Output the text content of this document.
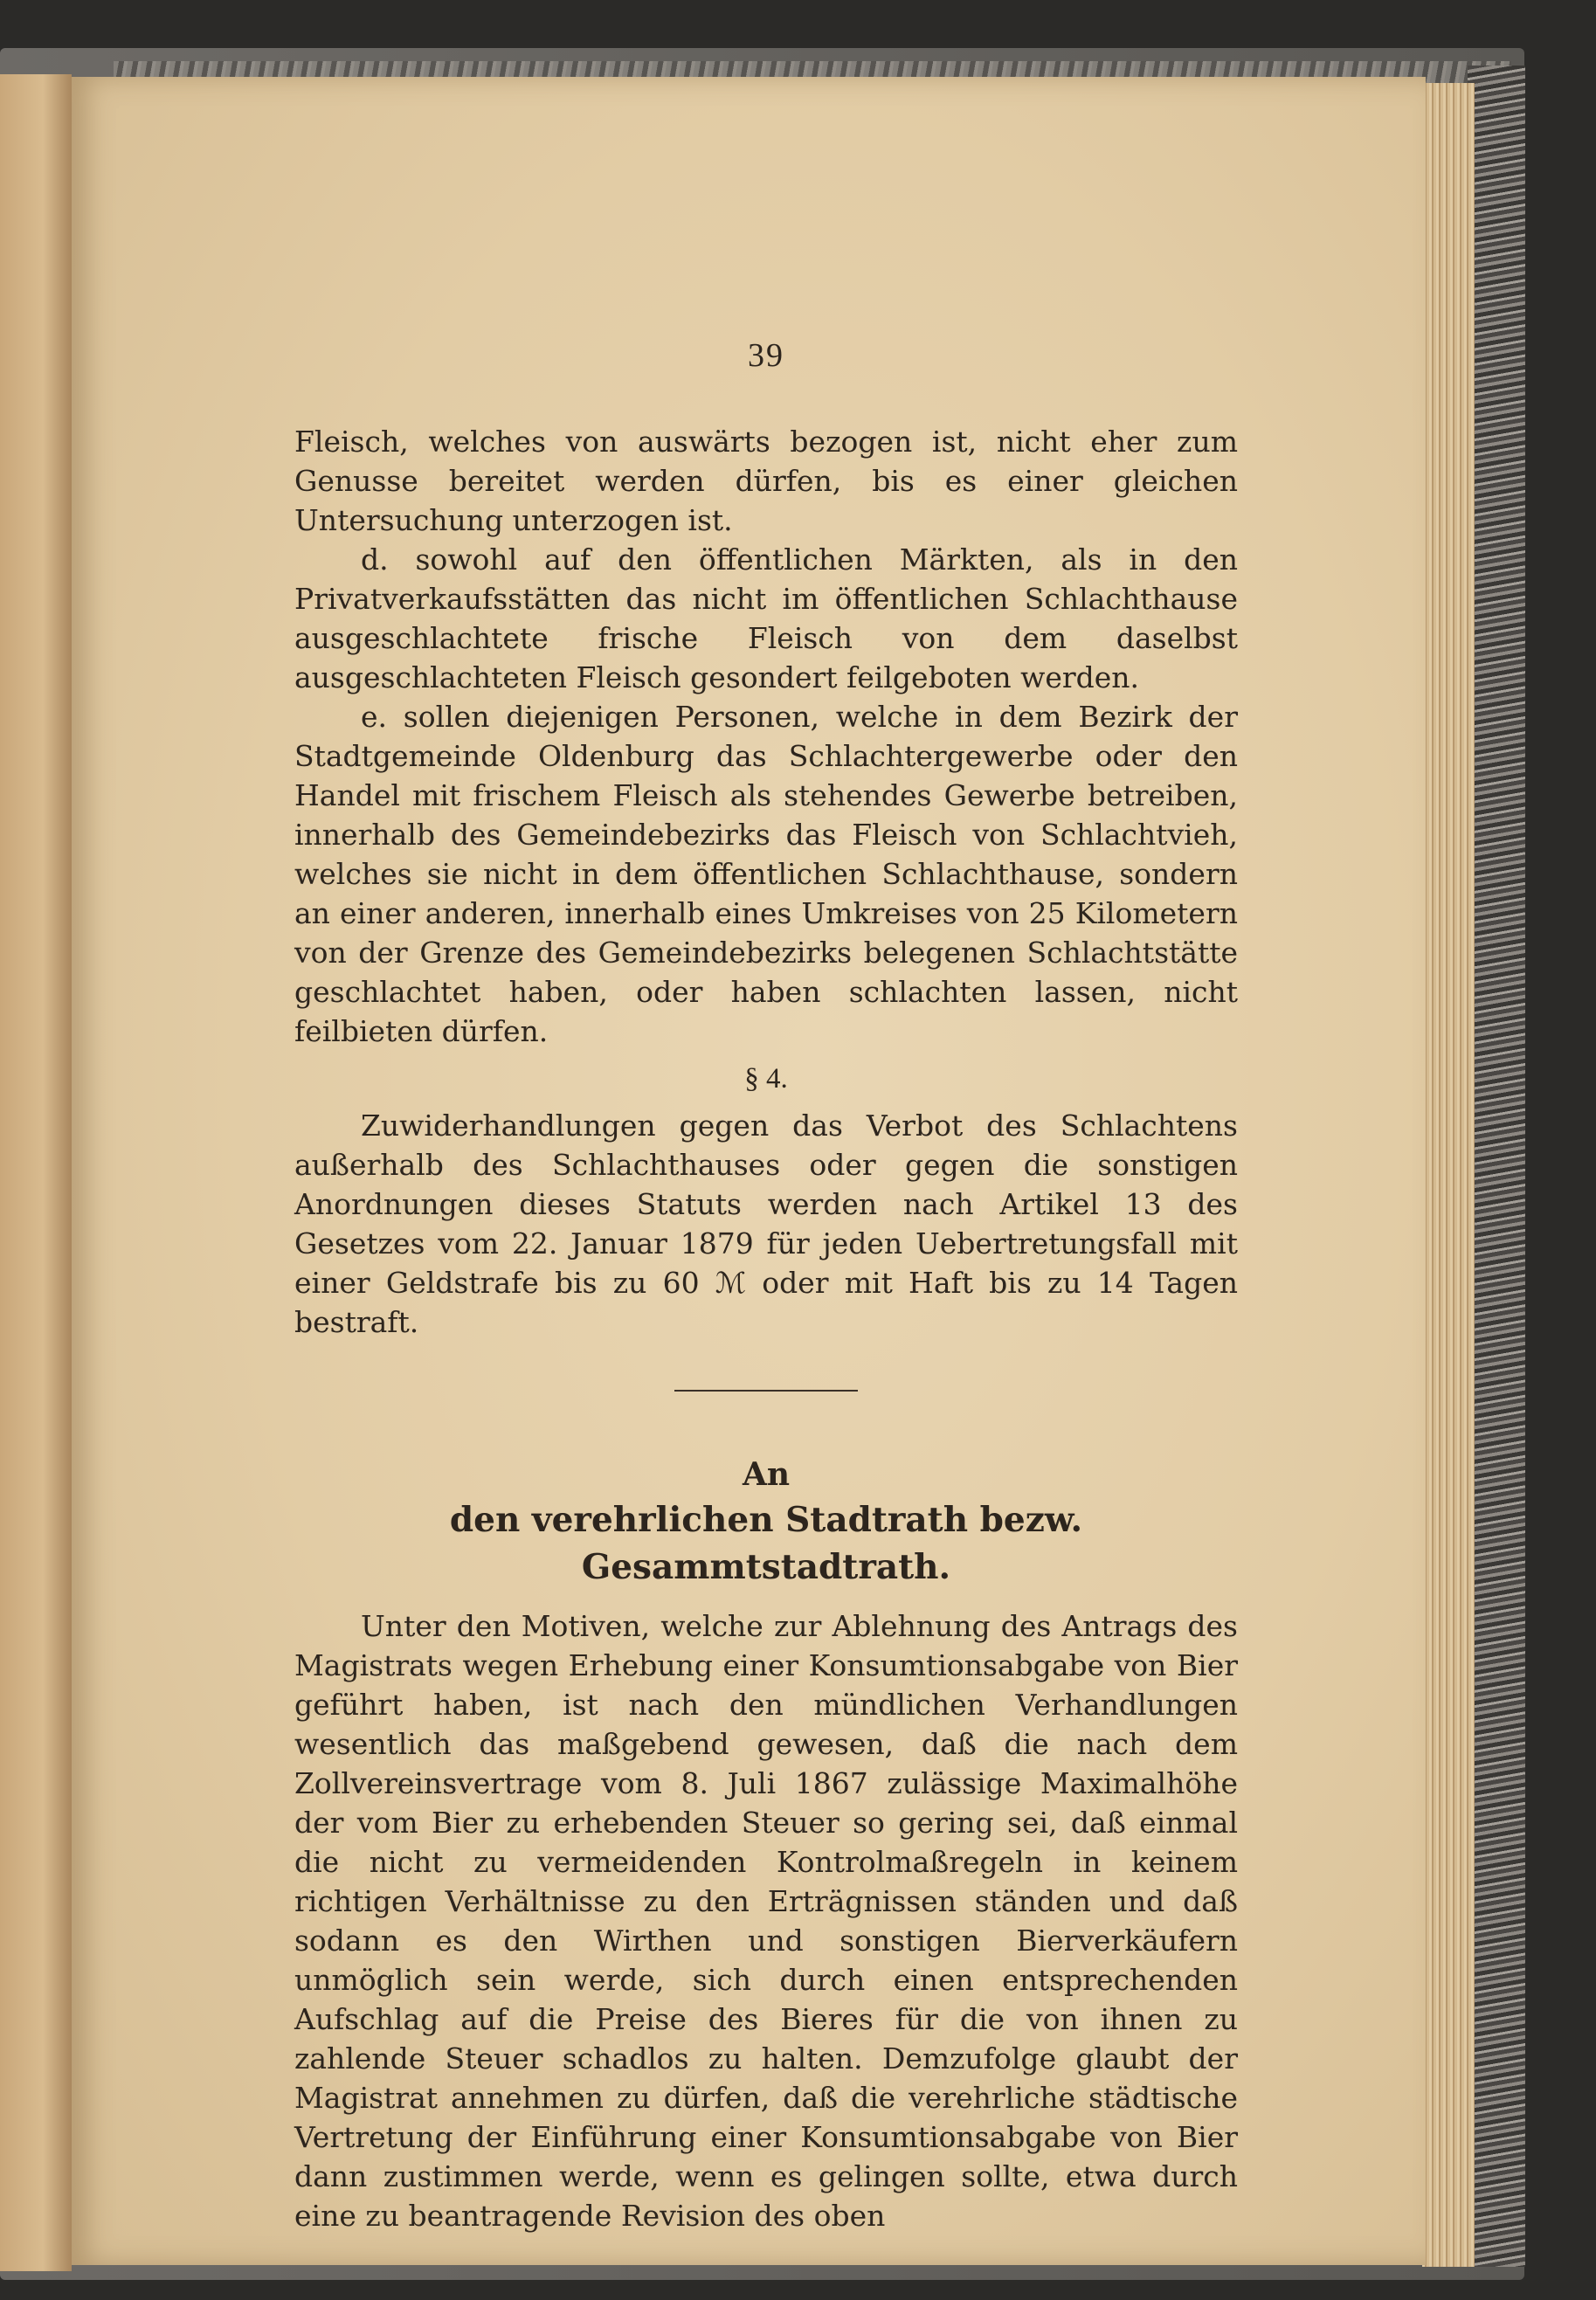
39

Fleisch, welches von auswärts bezogen ist, nicht eher zum Genusse bereitet werden dürfen, bis es einer gleichen Untersuchung unterzogen ist.

d. sowohl auf den öffentlichen Märkten, als in den Privatverkaufsstätten das nicht im öffentlichen Schlachthause ausgeschlachtete frische Fleisch von dem daselbst ausgeschlachteten Fleisch gesondert feilgeboten werden.

e. sollen diejenigen Personen, welche in dem Bezirk der Stadtgemeinde Oldenburg das Schlachtergewerbe oder den Handel mit frischem Fleisch als stehendes Gewerbe betreiben, innerhalb des Gemeindebezirks das Fleisch von Schlachtvieh, welches sie nicht in dem öffentlichen Schlachthause, sondern an einer anderen, innerhalb eines Umkreises von 25 Kilometern von der Grenze des Gemeindebezirks belegenen Schlachtstätte geschlachtet haben, oder haben schlachten lassen, nicht feilbieten dürfen.

§ 4.

Zuwiderhandlungen gegen das Verbot des Schlachtens außerhalb des Schlachthauses oder gegen die sonstigen Anordnungen dieses Statuts werden nach Artikel 13 des Gesetzes vom 22. Januar 1879 für jeden Uebertretungsfall mit einer Geldstrafe bis zu 60 ℳ oder mit Haft bis zu 14 Tagen bestraft.

An
den verehrlichen Stadtrath bezw. Gesammtstadtrath.

Unter den Motiven, welche zur Ablehnung des Antrags des Magistrats wegen Erhebung einer Konsumtionsabgabe von Bier geführt haben, ist nach den mündlichen Verhandlungen wesentlich das maßgebend gewesen, daß die nach dem Zollvereinsvertrage vom 8. Juli 1867 zulässige Maximalhöhe der vom Bier zu erhebenden Steuer so gering sei, daß einmal die nicht zu vermeidenden Kontrolmaßregeln in keinem richtigen Verhältnisse zu den Erträgnissen ständen und daß sodann es den Wirthen und sonstigen Bierverkäufern unmöglich sein werde, sich durch einen entsprechenden Aufschlag auf die Preise des Bieres für die von ihnen zu zahlende Steuer schadlos zu halten. Demzufolge glaubt der Magistrat annehmen zu dürfen, daß die verehrliche städtische Vertretung der Einführung einer Konsumtionsabgabe von Bier dann zustimmen werde, wenn es gelingen sollte, etwa durch eine zu beantragende Revision des oben
